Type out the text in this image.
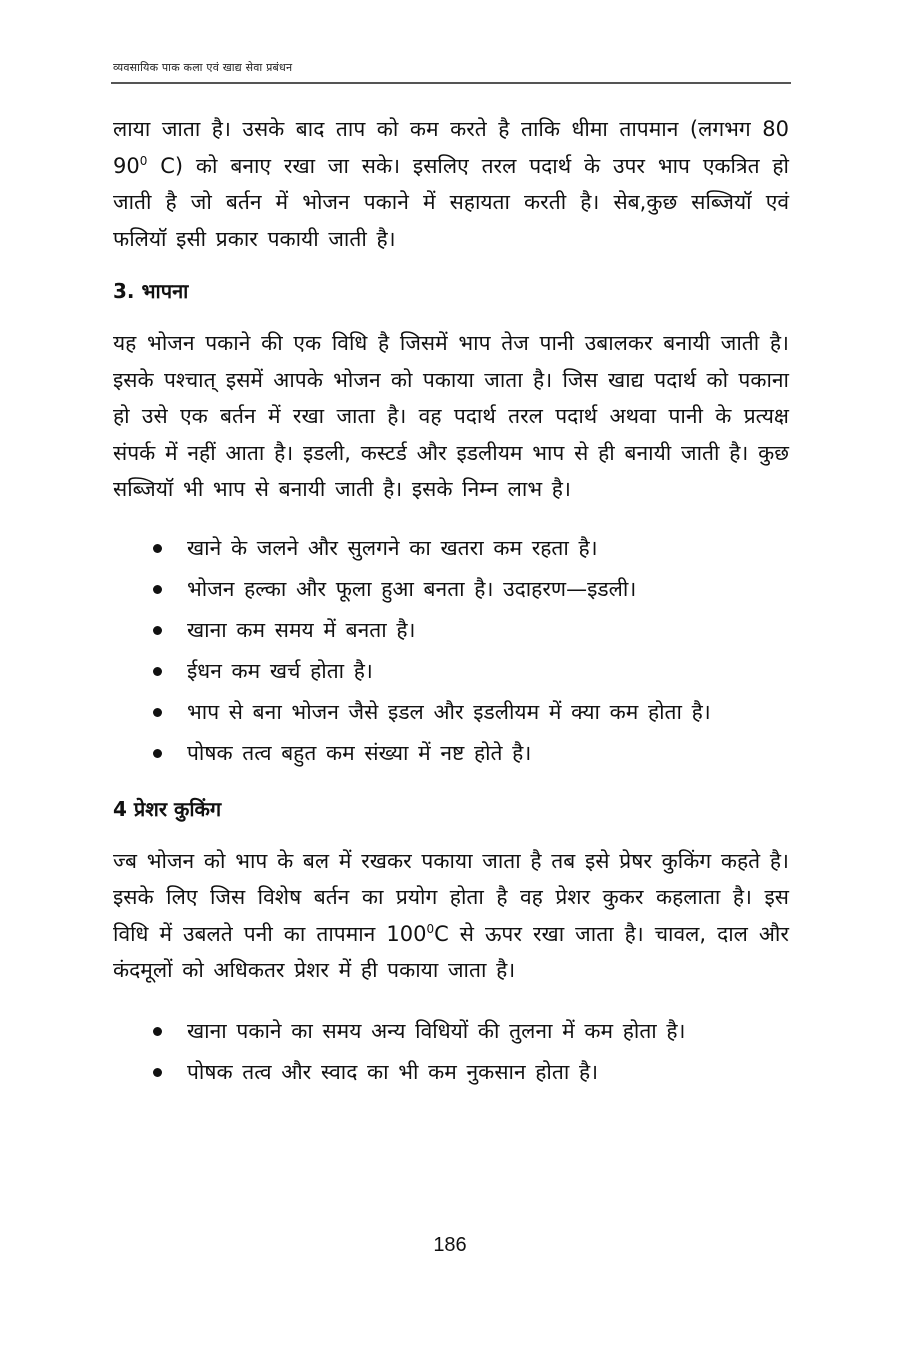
व्यवसायिक पाक कला एवं खाद्य सेवा प्रबंधन

लाया जाता है। उसके बाद ताप को कम करते है ताकि धीमा तापमान (लगभग 80 $90^0$ C) को बनाए रखा जा सके। इसलिए तरल पदार्थ के उपर भाप एकत्रित हो जाती है जो बर्तन में भोजन पकाने में सहायता करती है। सेब,कुछ सब्जियॉ एवं फलियॉ इसी प्रकार पकायी जाती है।

3. भापना

यह भोजन पकाने की एक विधि है जिसमें भाप तेज पानी उबालकर बनायी जाती है। इसके पश्चात् इसमें आपके भोजन को पकाया जाता है। जिस खाद्य पदार्थ को पकाना हो उसे एक बर्तन में रखा जाता है। वह पदार्थ तरल पदार्थ अथवा पानी के प्रत्यक्ष संपर्क में नहीं आता है। इडली, कस्टर्ड और इडलीयम भाप से ही बनायी जाती है। कुछ सब्जियॉ भी भाप से बनायी जाती है। इसके निम्न लाभ है।

खाने के जलने और सुलगने का खतरा कम रहता है।
भोजन हल्का और फूला हुआ बनता है। उदाहरण—इडली।
खाना कम समय में बनता है।
ईधन कम खर्च होता है।
भाप से बना भोजन जैसे इडल और इडलीयम में क्या कम होता है।
पोषक तत्व बहुत कम संख्या में नष्ट होते है।
4 प्रेशर कुकिंग

ज्ब भोजन को भाप के बल में रखकर पकाया जाता है तब इसे प्रेषर कुकिंग कहते है। इसके लिए जिस विशेष बर्तन का प्रयोग होता है वह प्रेशर कुकर कहलाता है। इस विधि में उबलते पनी का तापमान $100^0C$ से ऊपर रखा जाता है। चावल, दाल और कंदमूलों को अधिकतर प्रेशर में ही पकाया जाता है।

खाना पकाने का समय अन्य विधियों की तुलना में कम होता है।
पोषक तत्व और स्वाद का भी कम नुकसान होता है।
186
